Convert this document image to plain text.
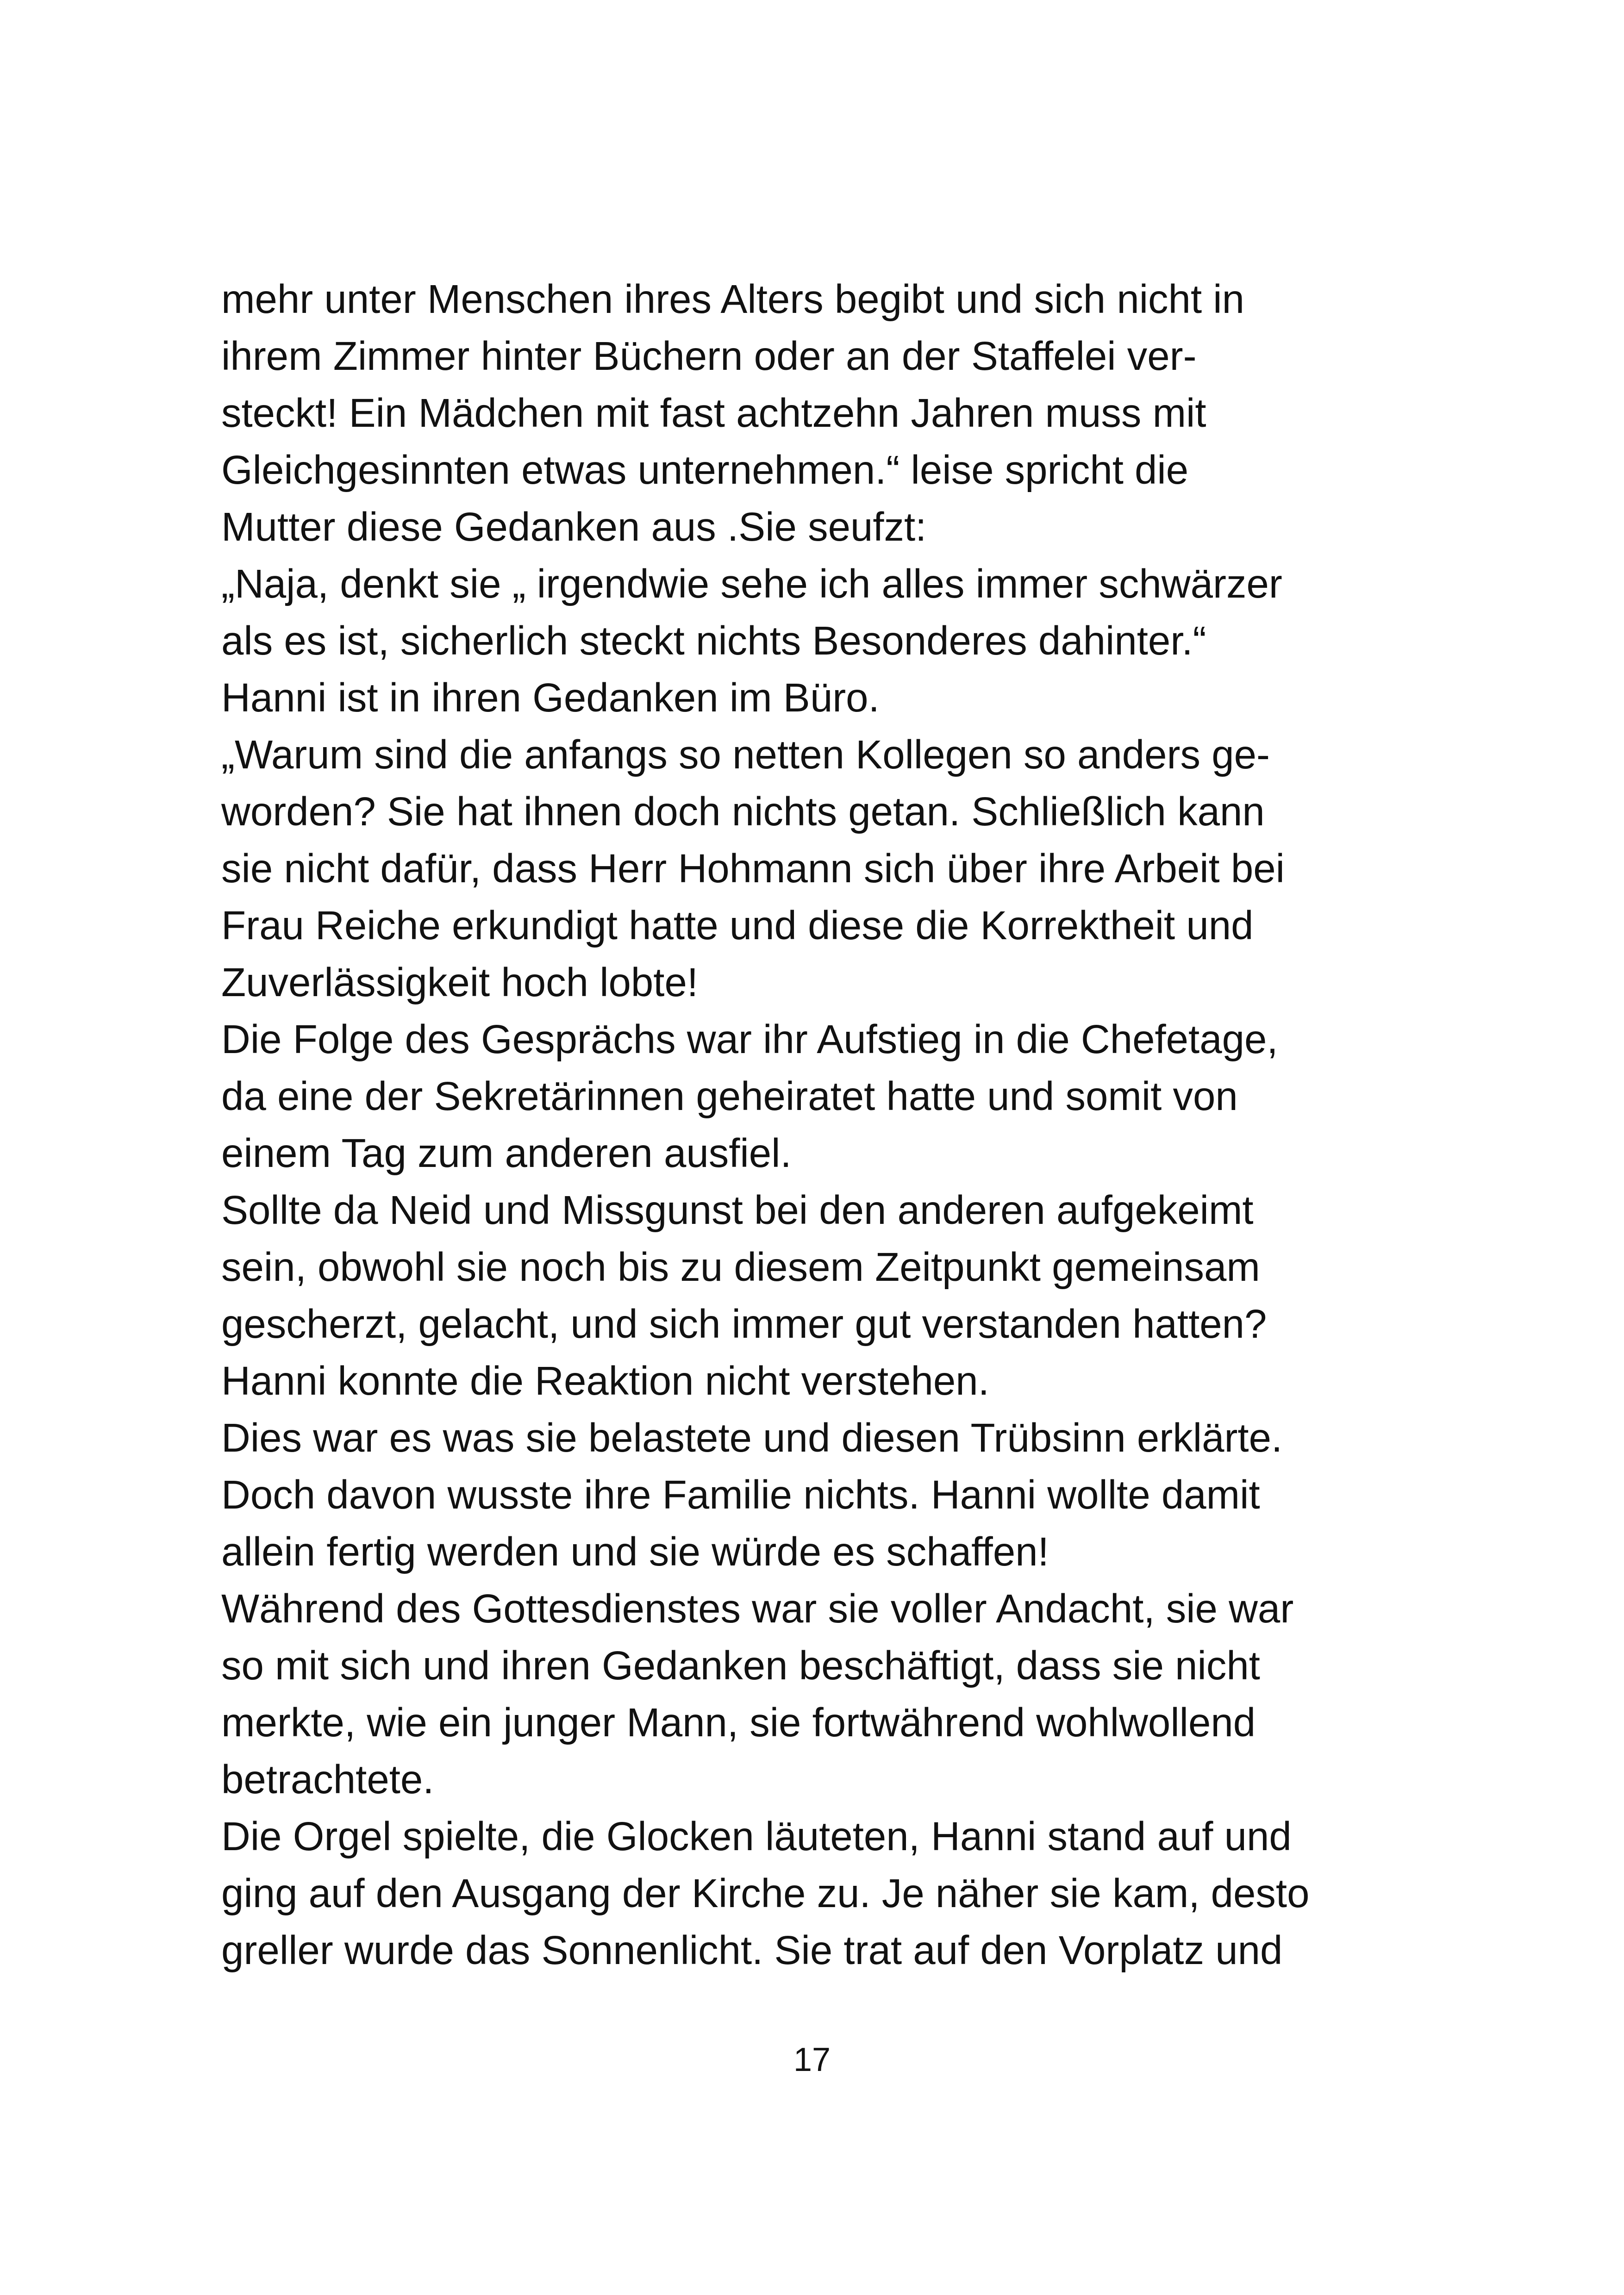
mehr unter Menschen ihres Alters begibt und sich nicht in
ihrem Zimmer hinter Büchern oder an der Staffelei ver-
steckt! Ein Mädchen mit fast achtzehn Jahren muss mit
Gleichgesinnten etwas unternehmen.“ leise spricht die
Mutter diese Gedanken aus .Sie seufzt:
„Naja, denkt sie „ irgendwie sehe ich alles immer schwärzer
als es ist, sicherlich steckt nichts Besonderes dahinter.“
Hanni ist in ihren Gedanken im Büro.
„Warum sind die anfangs so netten Kollegen so anders ge-
worden? Sie hat ihnen doch nichts getan. Schließlich kann
sie nicht dafür, dass Herr Hohmann sich über ihre Arbeit bei
Frau Reiche erkundigt hatte und diese die Korrektheit und
Zuverlässigkeit hoch lobte!
Die Folge des Gesprächs war ihr Aufstieg in die Chefetage,
da eine der Sekretärinnen geheiratet hatte und somit von
einem Tag zum anderen ausfiel.
Sollte da Neid und Missgunst bei den anderen aufgekeimt
sein, obwohl sie noch bis zu diesem Zeitpunkt gemeinsam
gescherzt, gelacht, und sich immer gut verstanden hatten?
Hanni konnte die Reaktion nicht verstehen.
Dies war es was sie belastete und diesen Trübsinn erklärte.
Doch davon wusste ihre Familie nichts. Hanni wollte damit
allein fertig werden und sie würde es schaffen!
Während des Gottesdienstes war sie voller Andacht, sie war
so mit sich und ihren Gedanken beschäftigt, dass sie nicht
merkte, wie ein junger Mann, sie fortwährend wohlwollend
betrachtete.
Die Orgel spielte, die Glocken läuteten, Hanni stand auf und
ging auf den Ausgang der Kirche zu. Je näher sie kam, desto
greller wurde das Sonnenlicht. Sie trat auf den Vorplatz und
17
